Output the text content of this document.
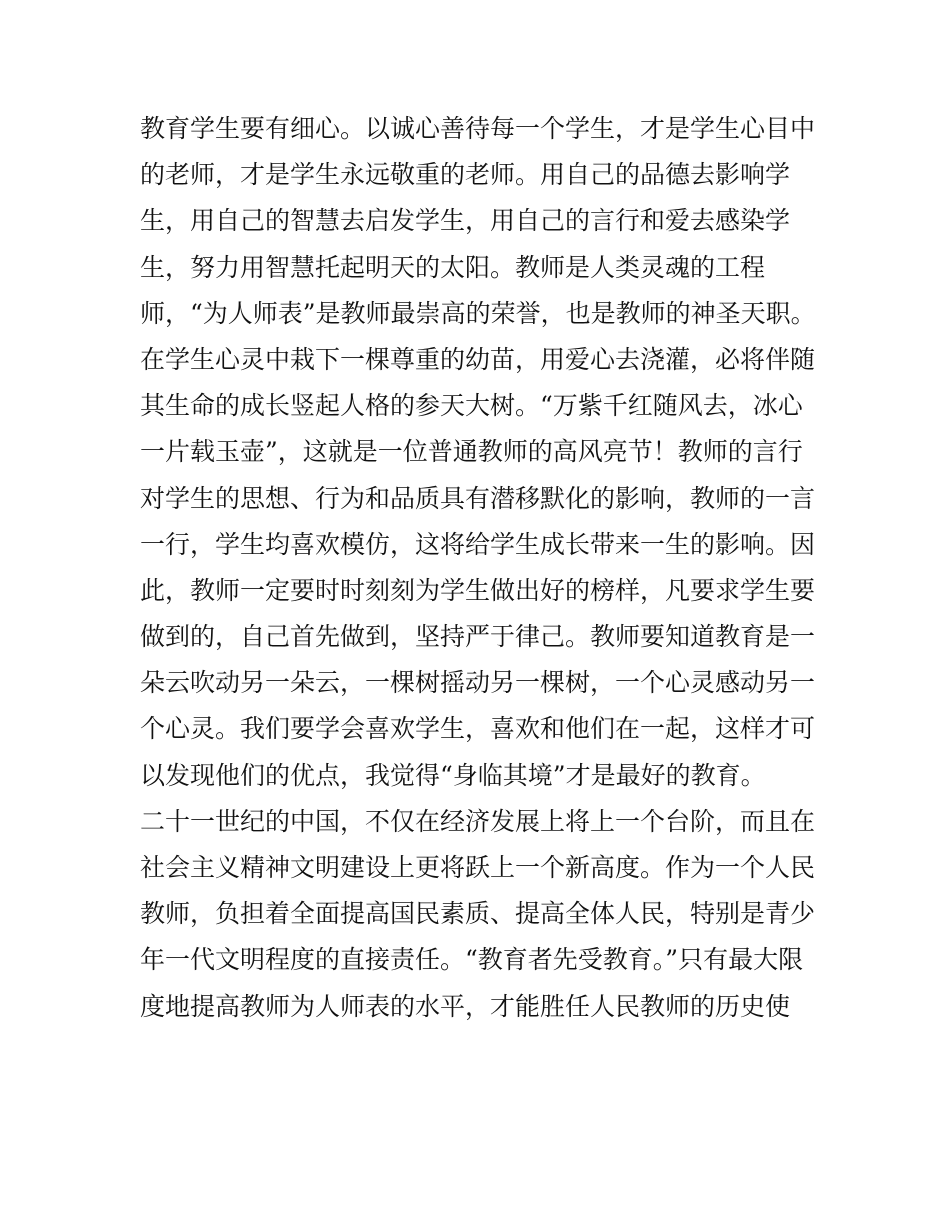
教育学生要有细心。以诚心善待每一个学生，才是学生心目中
的老师，才是学生永远敬重的老师。用自己的品德去影响学
生，用自己的智慧去启发学生，用自己的言行和爱去感染学
生，努力用智慧托起明天的太阳。教师是人类灵魂的工程
师，“为人师表”是教师最崇高的荣誉，也是教师的神圣天职。
在学生心灵中栽下一棵尊重的幼苗，用爱心去浇灌，必将伴随
其生命的成长竖起人格的参天大树。“万紫千红随风去，冰心
一片载玉壶”，这就是一位普通教师的高风亮节！教师的言行
对学生的思想、行为和品质具有潜移默化的影响，教师的一言
一行，学生均喜欢模仿，这将给学生成长带来一生的影响。因
此，教师一定要时时刻刻为学生做出好的榜样，凡要求学生要
做到的，自己首先做到，坚持严于律己。教师要知道教育是一
朵云吹动另一朵云，一棵树摇动另一棵树，一个心灵感动另一
个心灵。我们要学会喜欢学生，喜欢和他们在一起，这样才可
以发现他们的优点，我觉得“身临其境”才是最好的教育。
二十一世纪的中国，不仅在经济发展上将上一个台阶，而且在
社会主义精神文明建设上更将跃上一个新高度。作为一个人民
教师，负担着全面提高国民素质、提高全体人民，特别是青少
年一代文明程度的直接责任。“教育者先受教育。”只有最大限
度地提高教师为人师表的水平，才能胜任人民教师的历史使
